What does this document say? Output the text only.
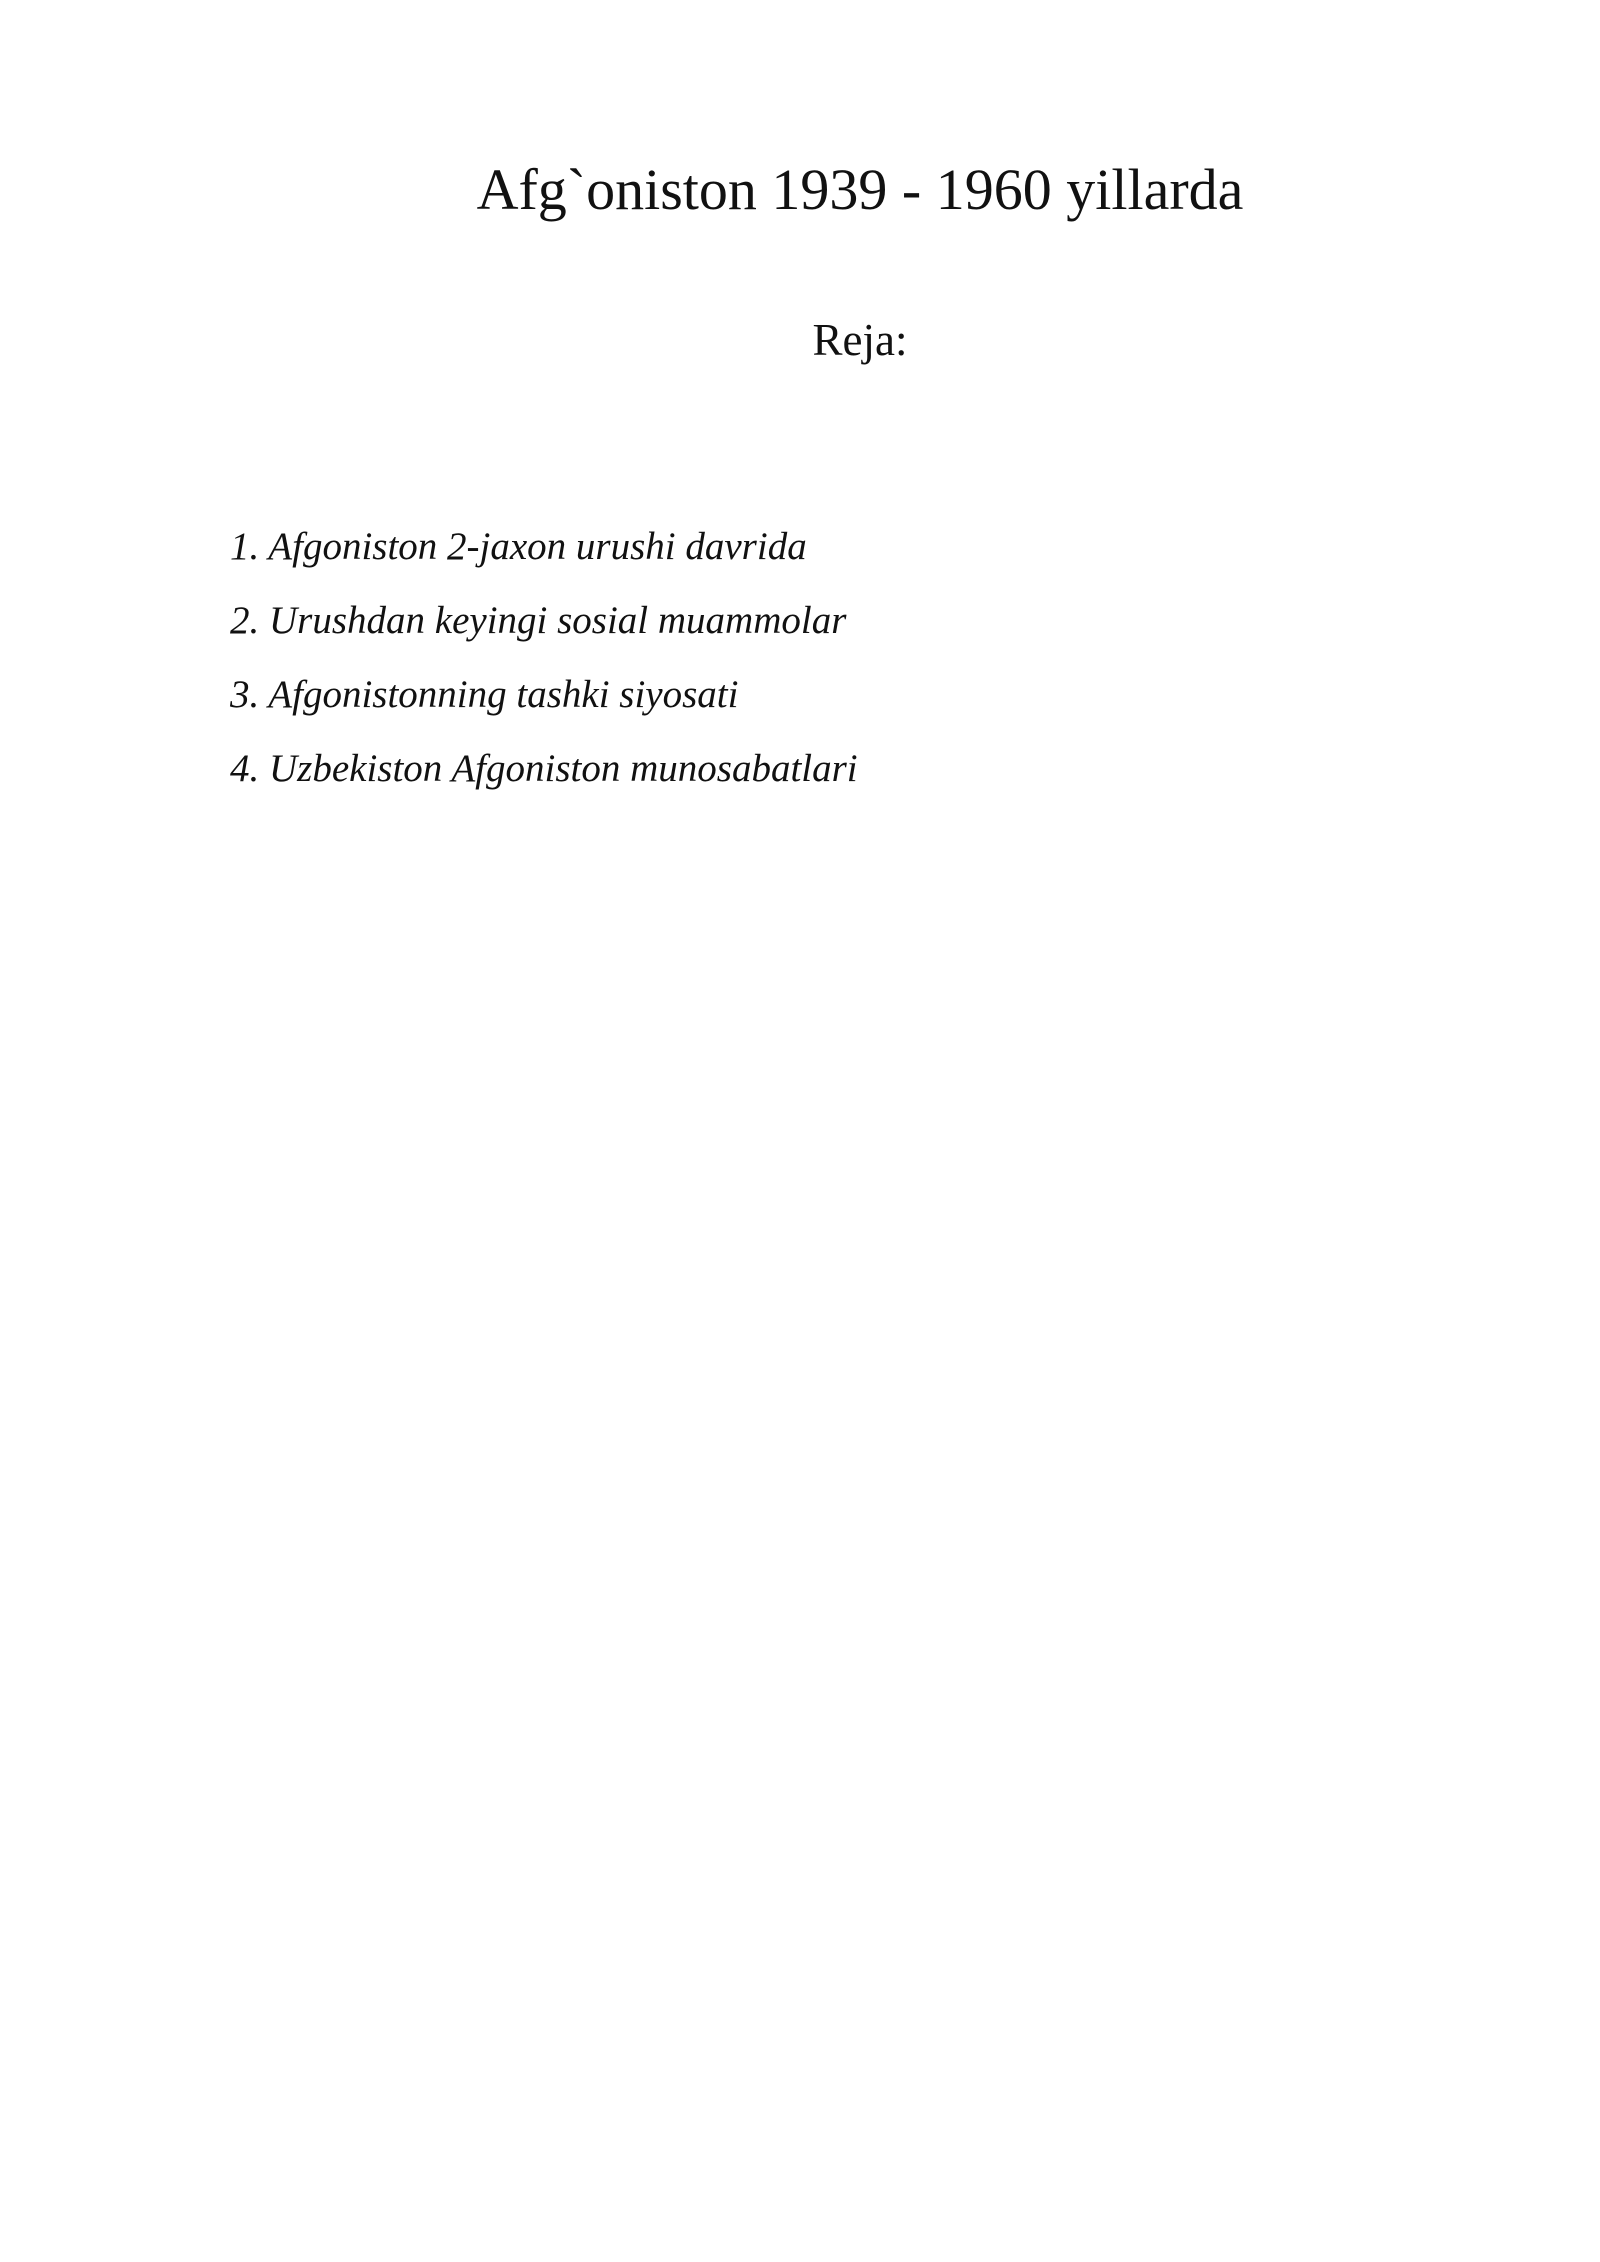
Afg`oniston 1939 - 1960 yillarda
Reja:
1. Afgoniston 2-jaxon urushi davrida
2. Urushdan keyingi sosial muammolar
3. Afgonistonning tashki siyosati
4. Uzbekiston Afgoniston munosabatlari
